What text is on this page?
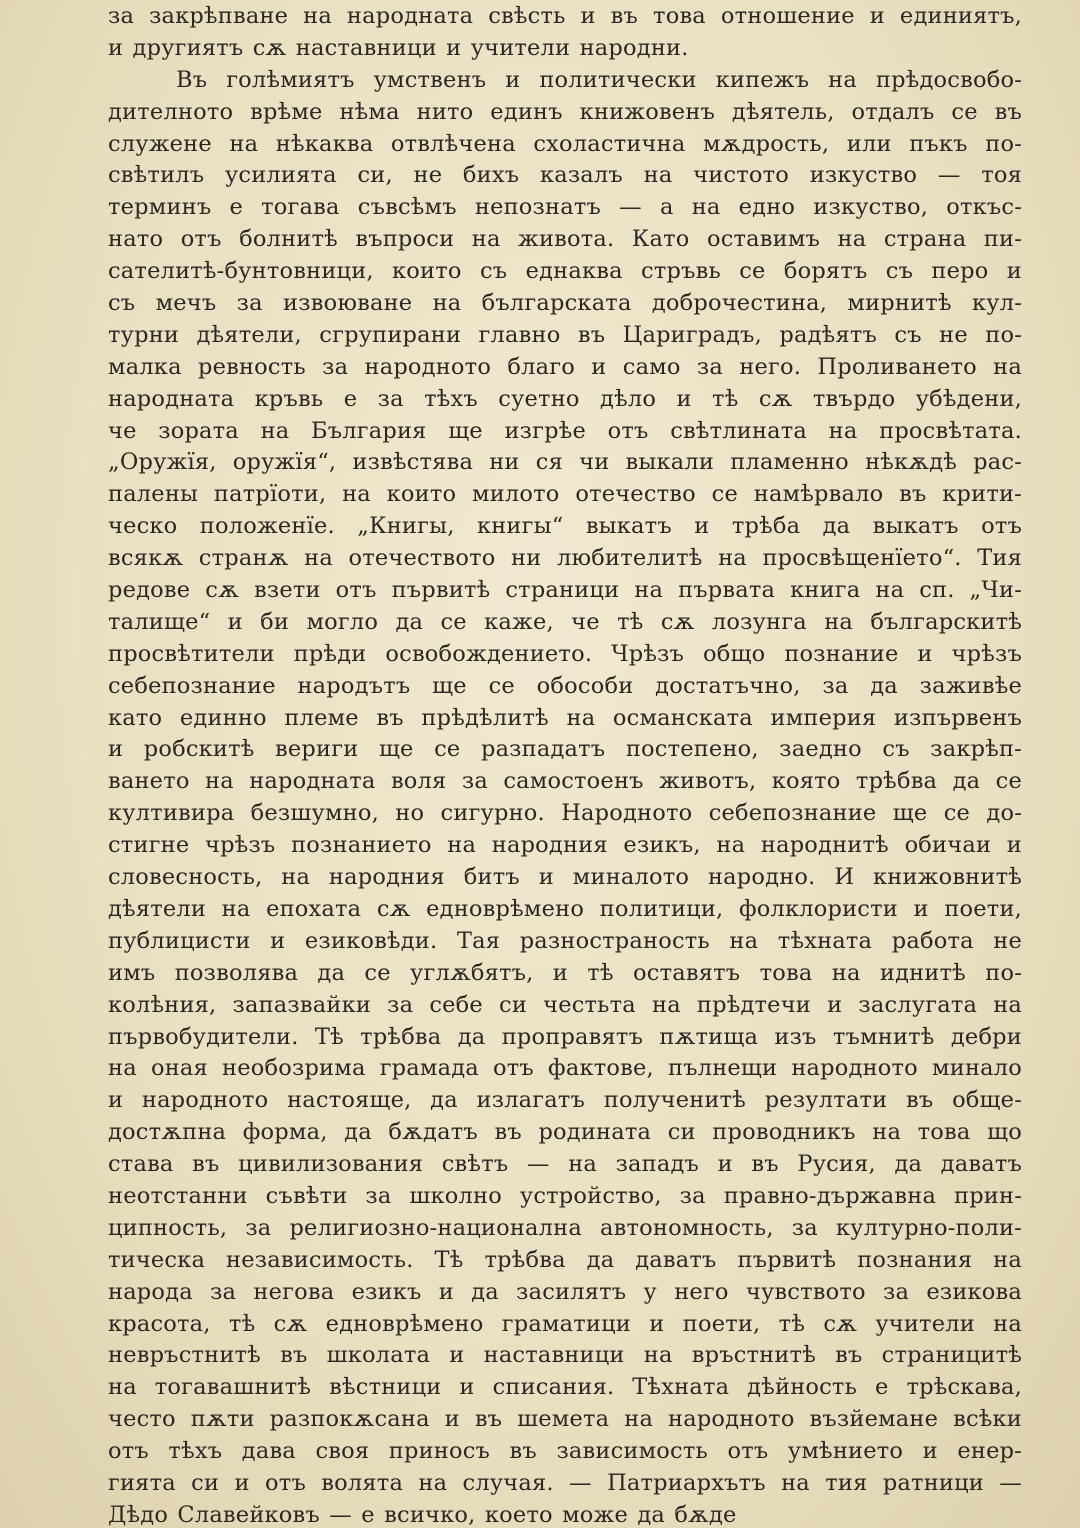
за закрѣпване на народната свѣсть и въ това отношение и единиятъ,
и другиятъ сѫ наставници и учители народни.
Въ голѣмиятъ умственъ и политически кипежъ на прѣдосвобо-
дителното врѣме нѣма нито единъ книжовенъ дѣятель, отдалъ се въ
служене на нѣкаква отвлѣчена схоластична мѫдрость, или пъкъ по-
свѣтилъ усилията си, не бихъ казалъ на чистото изкуство — тоя
терминъ е тогава съвсѣмъ непознатъ — а на едно изкуство, откъс-
нато отъ болнитѣ въпроси на живота. Като оставимъ на страна пи-
сателитѣ-бунтовници, които съ еднаква стръвь се борятъ съ перо и
съ мечъ за извоюване на българската доброчестина, мирнитѣ кул-
турни дѣятели, сгрупирани главно въ Цариградъ, радѣятъ съ не по-
малка ревность за народното благо и само за него. Проливането на
народната кръвь е за тѣхъ суетно дѣло и тѣ сѫ твърдо убѣдени,
че зората на България ще изгрѣе отъ свѣтлината на просвѣтата.
„Оружїя, оружїя“, извѣстява ни ся чи выкали пламенно нѣкѫдѣ рас-
палены патрїоти, на които милото отечество се намѣрвало въ крити-
ческо положенїе. „Книгы, книгы“ выкатъ и трѣба да выкатъ отъ
всякѫ странѫ на отечеството ни любителитѣ на просвѣщенїето“. Тия
редове сѫ взети отъ първитѣ страници на първата книга на сп. „Чи-
талище“ и би могло да се каже, че тѣ сѫ лозунга на българскитѣ
просвѣтители прѣди освобождението. Чрѣзъ общо познание и чрѣзъ
себепознание народътъ ще се обособи достатъчно, за да заживѣе
като единно племе въ прѣдѣлитѣ на османската империя изпървенъ
и робскитѣ вериги ще се разпадатъ постепено, заедно съ закрѣп-
ването на народната воля за самостоенъ животъ, която трѣбва да се
култивира безшумно, но сигурно. Народното себепознание ще се до-
стигне чрѣзъ познанието на народния езикъ, на народнитѣ обичаи и
словесность, на народния битъ и миналото народно. И книжовнитѣ
дѣятели на епохата сѫ едноврѣмено политици, фолклористи и поети,
публицисти и езиковѣди. Тая разностраность на тѣхната работа не
имъ позволява да се углѫбятъ, и тѣ оставятъ това на иднитѣ по-
колѣния, запазвайки за себе си честьта на прѣдтечи и заслугата на
първобудители. Тѣ трѣбва да проправятъ пѫтища изъ тъмнитѣ дебри
на оная необозрима грамада отъ фактове, пълнещи народното минало
и народното настояще, да излагатъ полученитѣ резултати въ обще-
достѫпна форма, да бѫдатъ въ родината си проводникъ на това що
става въ цивилизования свѣтъ — на западъ и въ Русия, да даватъ
неотстанни съвѣти за школно устройство, за правно-държавна прин-
ципность, за религиозно-национална автономность, за културно-поли-
тическа независимость. Тѣ трѣбва да даватъ първитѣ познания на
народа за негова езикъ и да засилятъ у него чувството за езикова
красота, тѣ сѫ едноврѣмено граматици и поети, тѣ сѫ учители на
невръстнитѣ въ школата и наставници на връстнитѣ въ страницитѣ
на тогавашнитѣ вѣстници и списания. Тѣхната дѣйность е трѣскава,
често пѫти разпокѫсана и въ шемета на народното възйемане всѣки
отъ тѣхъ дава своя приносъ въ зависимость отъ умѣнието и енер-
гията си и отъ волята на случая. — Патриархътъ на тия ратници —
Дѣдо Славейковъ — е всичко, което може да бѫде
